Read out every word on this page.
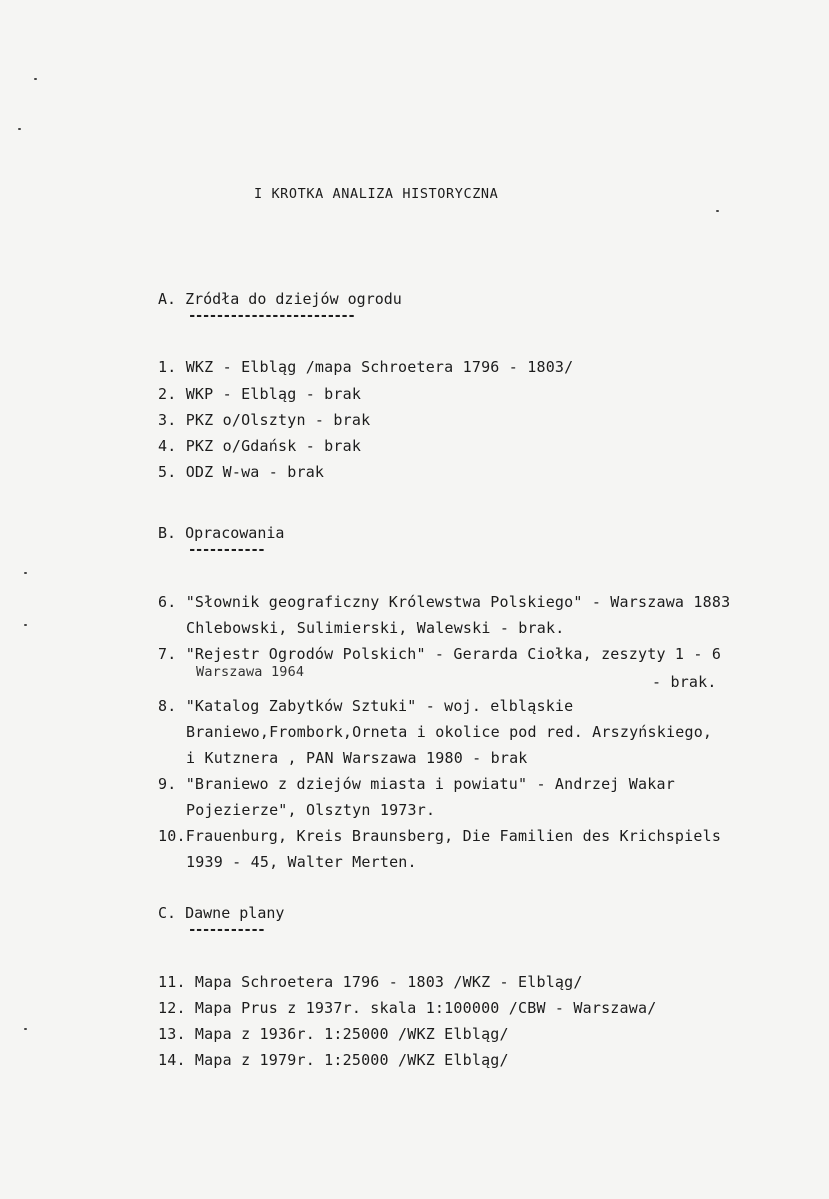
I KROTKA ANALIZA HISTORYCZNA
A. Zródła do dziejów ogrodu
------------------------
1. WKZ - Elbląg /mapa Schroetera 1796 - 1803/
2. WKP - Elbląg - brak
3. PKZ o/Olsztyn - brak
4. PKZ o/Gdańsk - brak
5. ODZ W-wa - brak
B. Opracowania
-----------
6. "Słownik geograficzny Królewstwa Polskiego" - Warszawa 1883
Chlebowski, Sulimierski, Walewski - brak.
7. "Rejestr Ogrodów Polskich" - Gerarda Ciołka, zeszyty 1 - 6
Warszawa 1964
- brak.
8. "Katalog Zabytków Sztuki" - woj. elbląskie
Braniewo,Frombork,Orneta i okolice pod red. Arszyńskiego,
i Kutznera , PAN Warszawa 1980 - brak
9. "Braniewo z dziejów miasta i powiatu" - Andrzej Wakar
Pojezierze", Olsztyn 1973r.
10.Frauenburg, Kreis Braunsberg, Die Familien des Krichspiels
1939 - 45, Walter Merten.
C. Dawne plany
-----------
11. Mapa Schroetera 1796 - 1803 /WKZ - Elbląg/
12. Mapa Prus z 1937r. skala 1:100000 /CBW - Warszawa/
13. Mapa z 1936r. 1:25000 /WKZ Elbląg/
14. Mapa z 1979r. 1:25000 /WKZ Elbląg/
